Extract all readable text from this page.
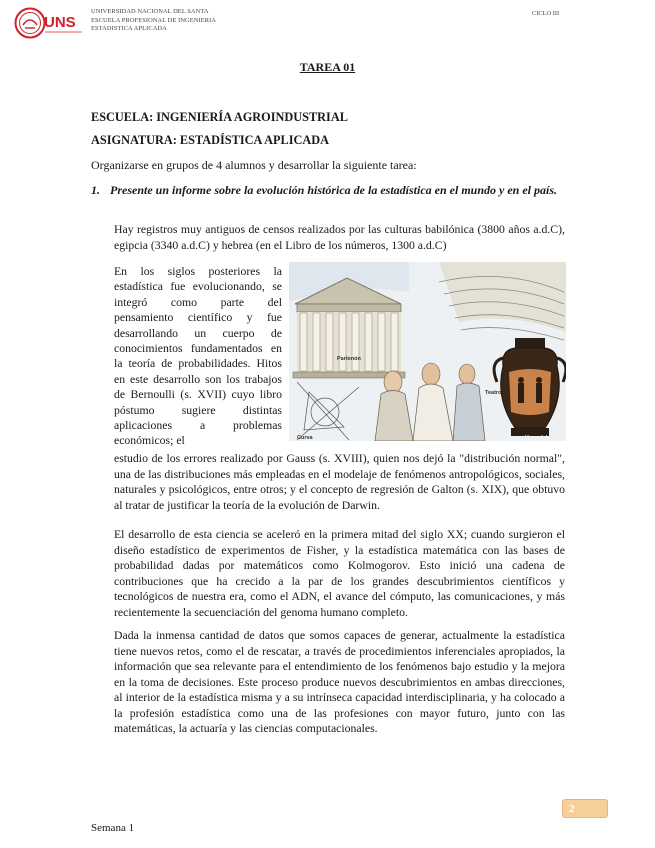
UNS
UNIVERSIDAD NACIONAL DEL SANTA
ESCUELA PROFESIONAL DE INGENIERIA
ESTADISTICA APLICADA
CICLO III
TAREA 01
ESCUELA: INGENIERÍA AGROINDUSTRIAL
ASIGNATURA: ESTADÍSTICA APLICADA
Organizarse en grupos de 4 alumnos y desarrollar la siguiente tarea:
1. Presente un informe sobre la evolución histórica de la estadística en el mundo y en el país.

Hay registros muy antiguos de censos realizados por las culturas babilónica (3800 años a.d.C), egipcia (3340 a.d.C) y hebrea (en el Libro de los números, 1300 a.d.C)

En los siglos posteriores la estadística fue evolucionando, se integró como parte del pensamiento científico y fue desarrollando un cuerpo de conocimientos fundamentados en la teoría de probabilidades. Hitos en este desarrollo son los trabajos de Bernoulli (s. XVII) cuyo libro póstumo sugiere distintas aplicaciones a problemas económicos; el

Partenón
Teatro
Curva	Vaso del

estudio de los errores realizado por Gauss (s. XVIII), quien nos dejó la "distribución normal", una de las distribuciones más empleadas en el modelaje de fenómenos antropológicos, sociales, naturales y psicológicos, entre otros; y el concepto de regresión de Galton (s. XIX), que obtuvo al tratar de justificar la teoría de la evolución de Darwin.

El desarrollo de esta ciencia se aceleró en la primera mitad del siglo XX; cuando surgieron el diseño estadístico de experimentos de Fisher, y la estadística matemática con las bases de probabilidad dadas por matemáticos como Kolmogorov. Esto inició una cadena de contribuciones que ha crecido a la par de los grandes descubrimientos científicos y tecnológicos de nuestra era, como el ADN, el avance del cómputo, las comunicaciones, y más recientemente la secuenciación del genoma humano completo.

Dada la inmensa cantidad de datos que somos capaces de generar, actualmente la estadística tiene nuevos retos, como el de rescatar, a través de procedimientos inferenciales apropiados, la información que sea relevante para el entendimiento de los fenómenos bajo estudio y la mejora en la toma de decisiones. Este proceso produce nuevos descubrimientos en ambas direcciones, al interior de la estadística misma y a su intrínseca capacidad interdisciplinaria, y ha colocado a la profesión estadística como una de las profesiones con mayor futuro, junto con las matemáticas, la actuaría y las ciencias computacionales.

2
Semana 1
